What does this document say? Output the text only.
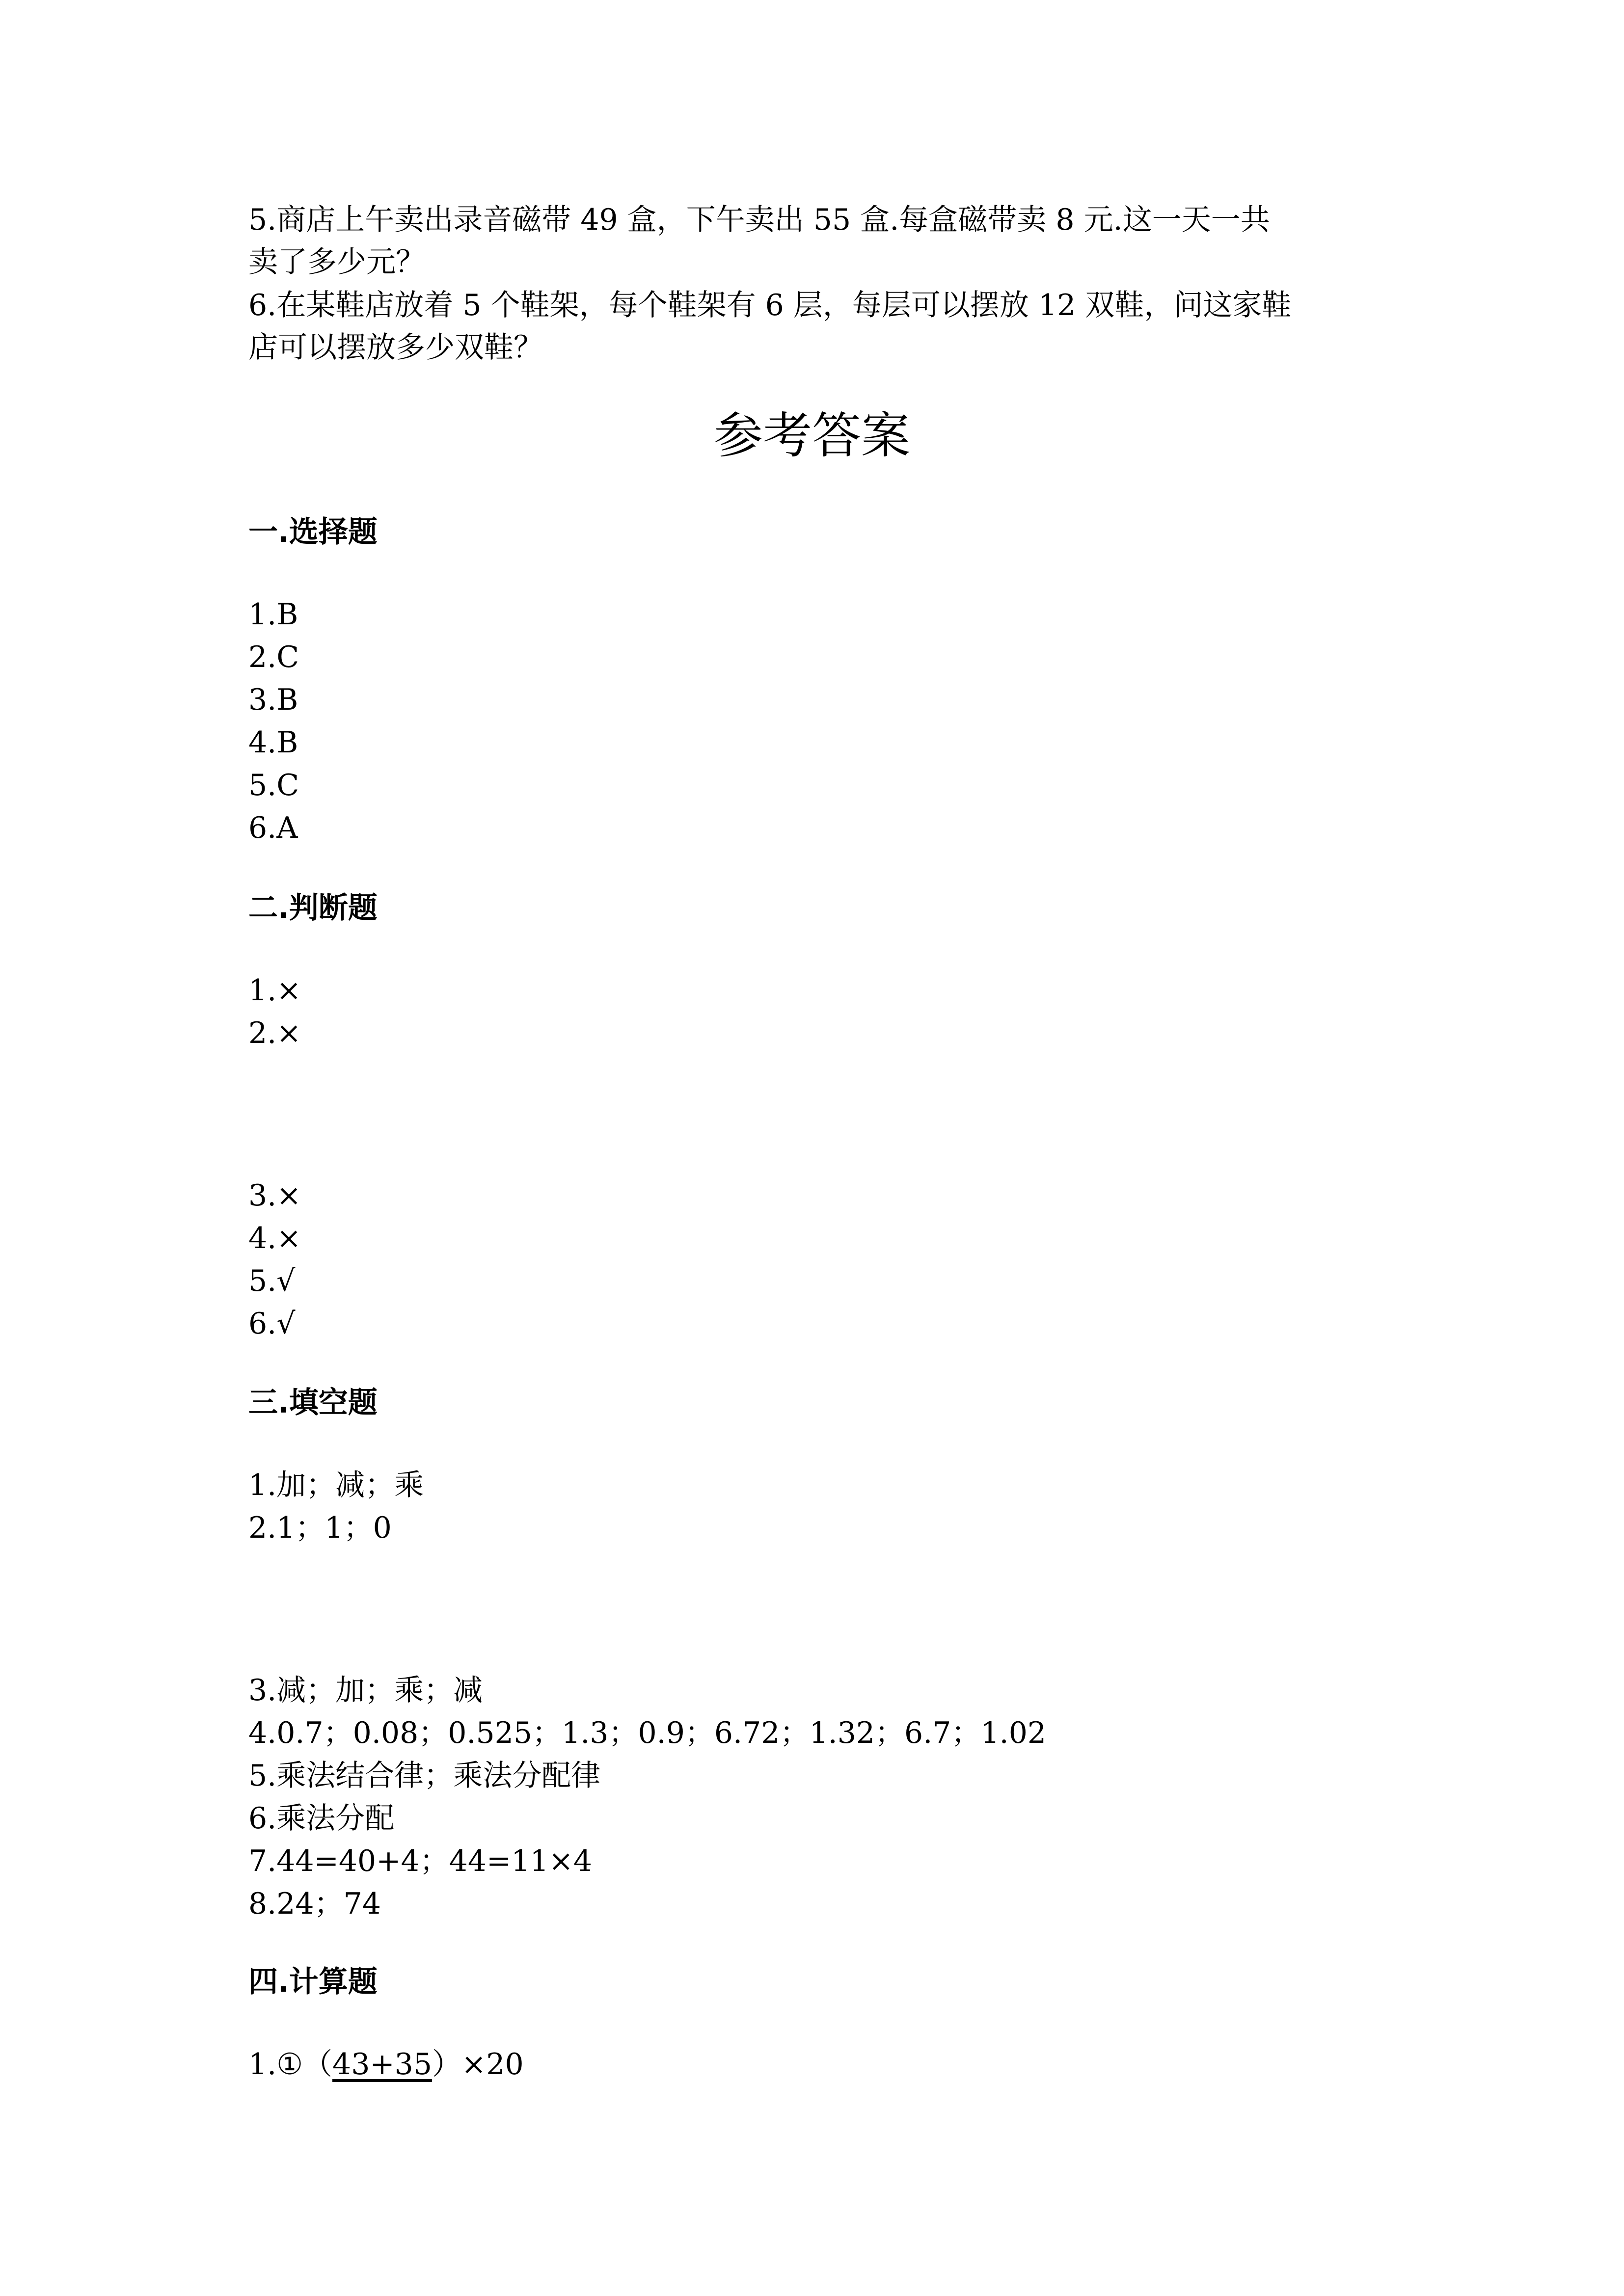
5.商店上午卖出录音磁带 49 盒，下午卖出 55 盒.每盒磁带卖 8 元.这一天一共
卖了多少元？
6.在某鞋店放着 5 个鞋架，每个鞋架有 6 层，每层可以摆放 12 双鞋，问这家鞋
店可以摆放多少双鞋？
参考答案
一.选择题
1.B
2.C
3.B
4.B
5.C
6.A
二.判断题
1.×
2.×
3.×
4.×
5.√
6.√
三.填空题
1.加；减；乘
2.1；1；0
3.减；加；乘；减
4.0.7；0.08；0.525；1.3；0.9；6.72；1.32；6.7；1.02
5.乘法结合律；乘法分配律
6.乘法分配
7.44=40+4；44=11×4
8.24；74
四.计算题
1.①（43+35）×20
